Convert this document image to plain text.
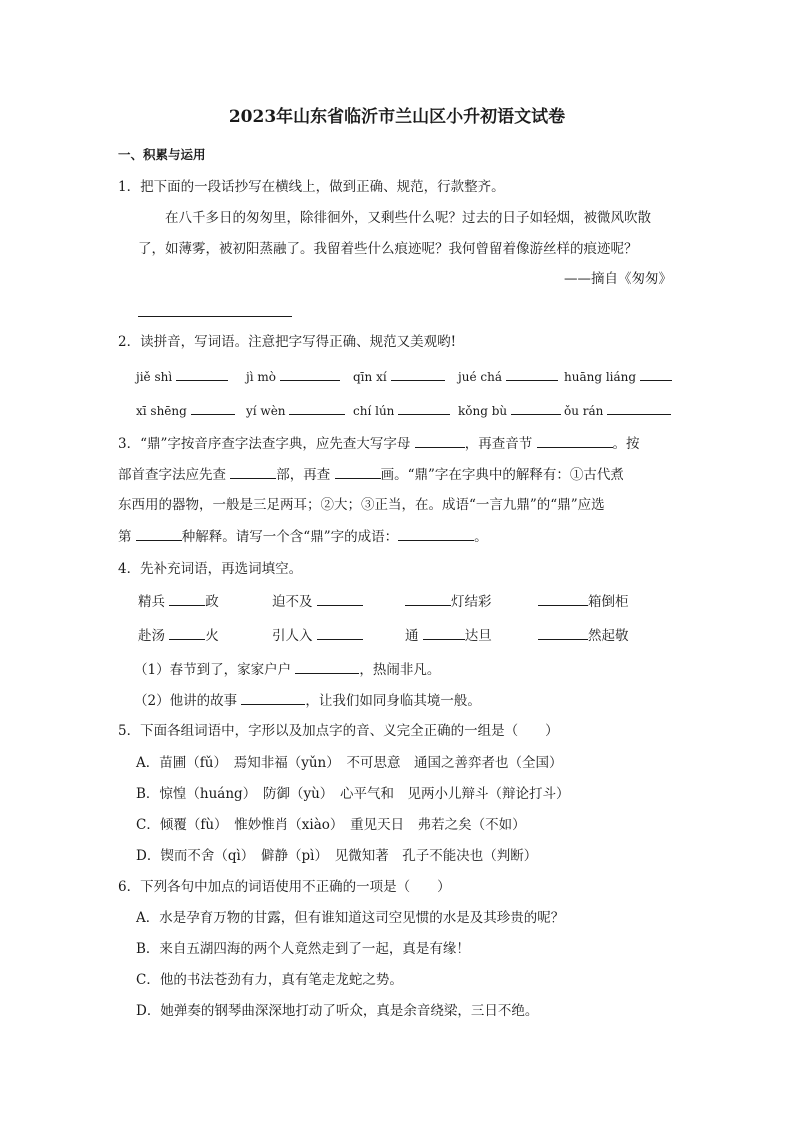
2023年山东省临沂市兰山区小升初语文试卷
一、积累与运用
1．把下面的一段话抄写在横线上，做到正确、规范，行款整齐。
在八千多日的匆匆里，除徘徊外，又剩些什么呢？过去的日子如轻烟，被微风吹散
了，如薄雾，被初阳蒸融了。我留着些什么痕迹呢？我何曾留着像游丝样的痕迹呢？
——摘自《匆匆》
2．读拼音，写词语。注意把字写得正确、规范又美观哟!
jiě shì	jì mò	qīn xí	jué chá	huāng liáng
xī shēng	yí wèn	chí lún	kǒng bù	ǒu rán
3．“鼎”字按音序查字法查字典，应先查大写字母	，再查音节	。按
部首查字法应先查	部，再查	画。“鼎”字在字典中的解释有：①古代煮
东西用的器物，一般是三足两耳；②大；③正当，在。成语“一言九鼎”的“鼎”应选
第	种解释。请写一个含“鼎”字的成语：	。
4．先补充词语，再选词填空。
精兵	政	迫不及	灯结彩	箱倒柜
赴汤	火	引人入	通	达旦	然起敬
（1）春节到了，家家户户	，热闹非凡。
（2）他讲的故事	，让我们如同身临其境一般。
5．下面各组词语中，字形以及加点字的音、义完全正确的一组是（　　）
A．苗圃（fǔ）　焉知非福（yǔn）　不可思意　通国之善弈者也（全国）
B．惊惶（huáng）　防御（yù）　心平气和　见两小儿辩斗（辩论打斗）
C．倾覆（fù）　惟妙惟肖（xiào）　重见天日　弗若之矣（不如）
D．锲而不舍（qì）　僻静（pì）　见微知著　孔子不能决也（判断）
6．下列各句中加点的词语使用不正确的一项是（　　）
A．水是孕育万物的甘露，但有谁知道这司空见惯的水是及其珍贵的呢？
B．来自五湖四海的两个人竟然走到了一起，真是有缘！
C．他的书法苍劲有力，真有笔走龙蛇之势。
D．她弹奏的钢琴曲深深地打动了听众，真是余音绕梁，三日不绝。
